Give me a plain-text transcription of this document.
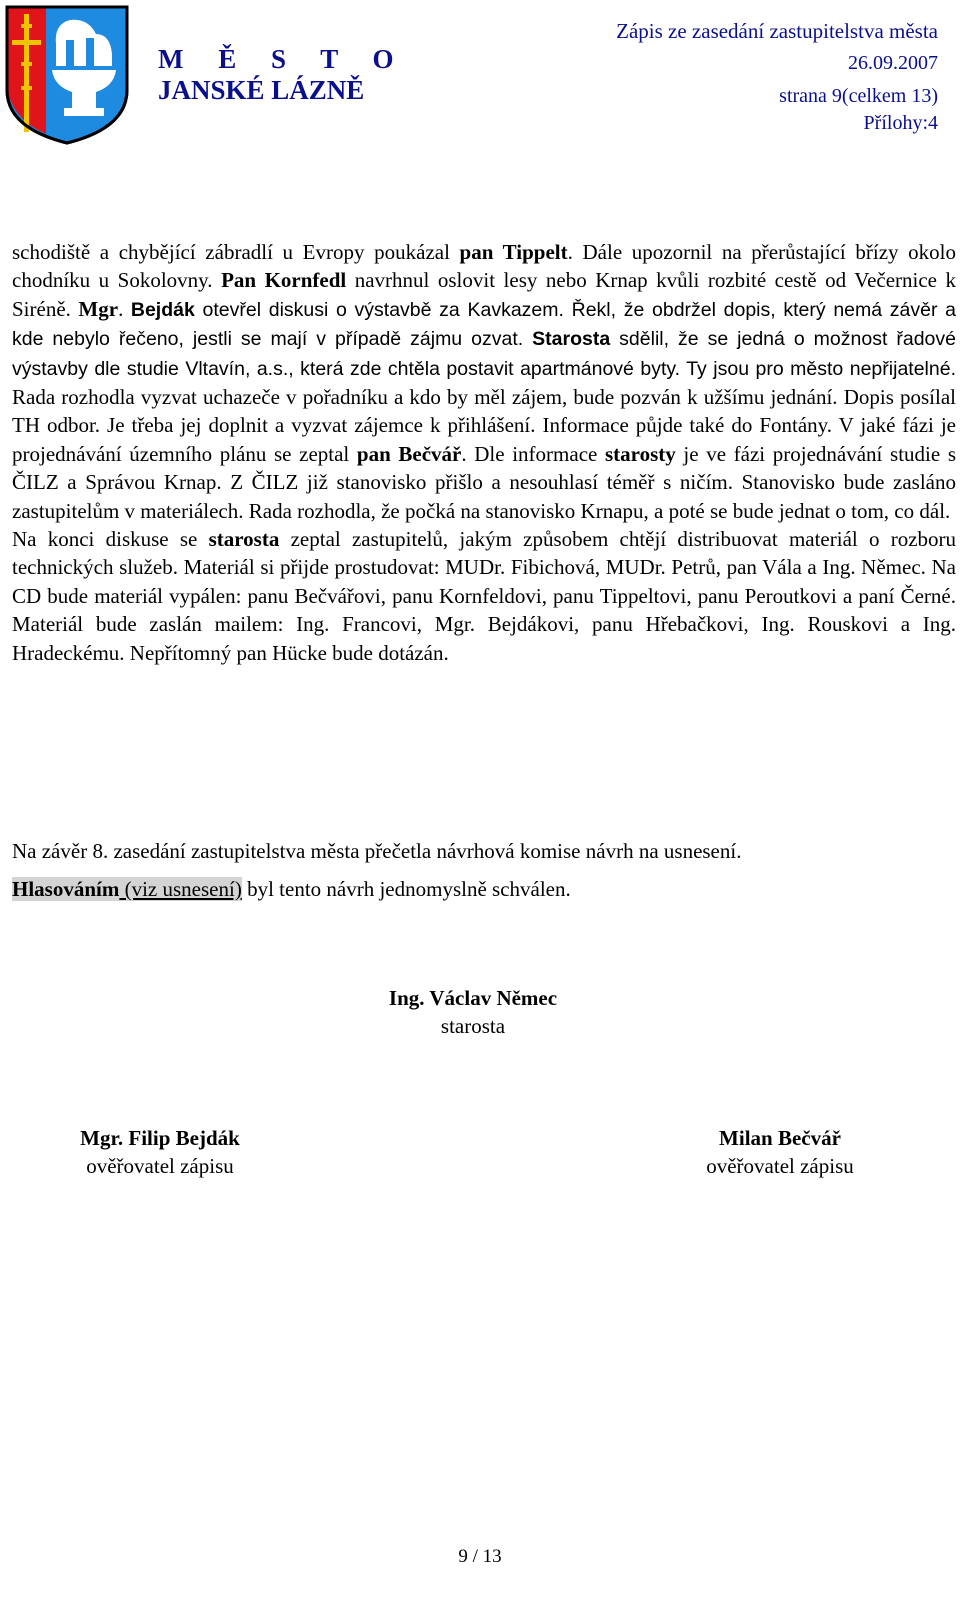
M Ě S T O
JANSKÉ LÁZNĚ
Zápis ze zasedání zastupitelstva města
26.09.2007
strana 9(celkem 13)
Přílohy:4

schodiště a chybějící zábradlí u Evropy poukázal pan Tippelt. Dále upozornil na přerůstající břízy okolo chodníku u Sokolovny. Pan Kornfedl navrhnul oslovit lesy nebo Krnap kvůli rozbité cestě od Večernice k Siréně. Mgr. Bejdák otevřel diskusi o výstavbě za Kavkazem. Řekl, že obdržel dopis, který nemá závěr a kde nebylo řečeno, jestli se mají v případě zájmu ozvat. Starosta sdělil, že se jedná o možnost řadové výstavby dle studie Vltavín, a.s., která zde chtěla postavit apartmánové byty. Ty jsou pro město nepřijatelné. Rada rozhodla vyzvat uchazeče v pořadníku a kdo by měl zájem, bude pozván k užšímu jednání. Dopis posílal TH odbor. Je třeba jej doplnit a vyzvat zájemce k přihlášení. Informace půjde také do Fontány. V jaké fázi je projednávání územního plánu se zeptal pan Bečvář. Dle informace starosty je ve fázi projednávání studie s ČILZ a Správou Krnap. Z ČILZ již stanovisko přišlo a nesouhlasí téměř s ničím. Stanovisko bude zasláno zastupitelům v materiálech. Rada rozhodla, že počká na stanovisko Krnapu, a poté se bude jednat o tom, co dál.

Na konci diskuse se starosta zeptal zastupitelů, jakým způsobem chtějí distribuovat materiál o rozboru technických služeb. Materiál si přijde prostudovat: MUDr. Fibichová, MUDr. Petrů, pan Vála a Ing. Němec. Na CD bude materiál vypálen: panu Bečvářovi, panu Kornfeldovi, panu Tippeltovi, panu Peroutkovi a paní Černé. Materiál bude zaslán mailem: Ing. Francovi, Mgr. Bejdákovi, panu Hřebačkovi, Ing. Rouskovi a Ing. Hradeckému. Nepřítomný pan Hücke bude dotázán.

Na závěr 8. zasedání zastupitelstva města přečetla návrhová komise návrh na usnesení.

Hlasováním (viz usnesení) byl tento návrh jednomyslně schválen.

Ing. Václav Němec
starosta
Mgr. Filip Bejdák
ověřovatel zápisu
Milan Bečvář
ověřovatel zápisu
9 / 13
